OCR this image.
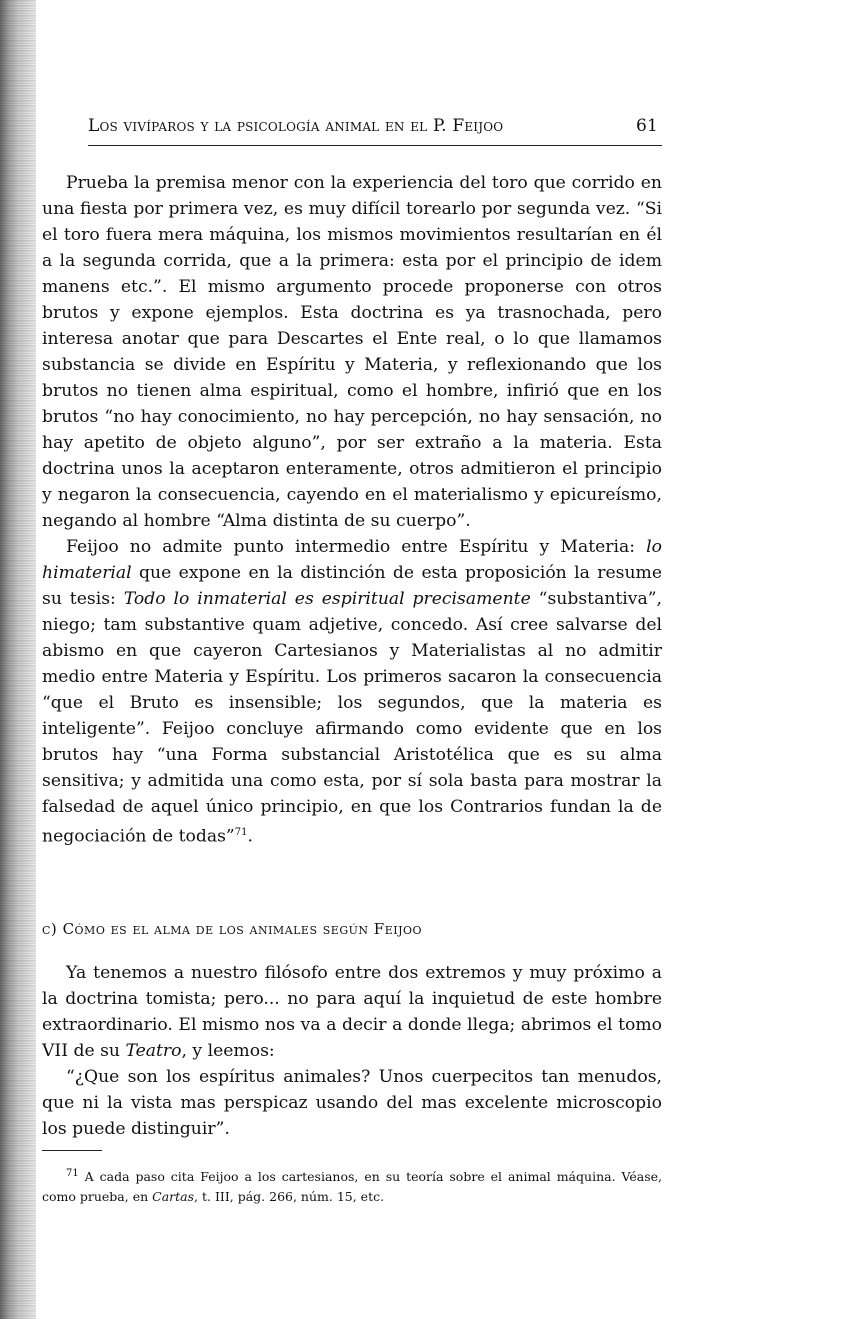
Los vivíparos y la psicología animal en el P. Feijoo	61

Prueba la premisa menor con la experiencia del toro que corrido en una fiesta por primera vez, es muy difícil torearlo por segunda vez. “Si el toro fuera mera máquina, los mismos movimientos resultarían en él a la segunda corrida, que a la primera: esta por el principio de idem manens etc.”. El mismo argumento procede proponerse con otros brutos y expone ejemplos. Esta doctrina es ya trasnochada, pero interesa anotar que para Descartes el Ente real, o lo que llamamos substancia se divide en Espíritu y Materia, y reflexionando que los brutos no tienen alma espiritual, como el hombre, infirió que en los brutos “no hay conocimiento, no hay percepción, no hay sensación, no hay apetito de objeto alguno”, por ser extraño a la materia. Esta doctrina unos la aceptaron enteramente, otros admitieron el principio y negaron la consecuencia, cayendo en el materialismo y epicureísmo, negando al hombre “Alma distinta de su cuerpo”.

Feijoo no admite punto intermedio entre Espíritu y Materia: lo himaterial que expone en la distinción de esta proposición la resume su tesis: Todo lo inmaterial es espiritual precisamente “substantiva”, niego; tam substantive quam adjetive, concedo. Así cree salvarse del abismo en que cayeron Cartesianos y Materialistas al no admitir medio entre Materia y Espíritu. Los primeros sacaron la consecuencia “que el Bruto es insensible; los segundos, que la materia es inteligente”. Feijoo concluye afirmando como evidente que en los brutos hay “una Forma substancial Aristotélica que es su alma sensitiva; y admitida una como esta, por sí sola basta para mostrar la falsedad de aquel único principio, en que los Contrarios fundan la de negociación de todas”$^{71}$.

c) Cómo es el alma de los animales según Feijoo

Ya tenemos a nuestro filósofo entre dos extremos y muy próximo a la doctrina tomista; pero... no para aquí la inquietud de este hombre extraordinario. El mismo nos va a decir a donde llega; abrimos el tomo VII de su Teatro, y leemos:

“¿Que son los espíritus animales? Unos cuerpecitos tan menudos, que ni la vista mas perspicaz usando del mas excelente microscopio los puede distinguir”.

$^{71}$ A cada paso cita Feijoo a los cartesianos, en su teoría sobre el animal máquina. Véase, como prueba, en Cartas, t. III, pág. 266, núm. 15, etc.
